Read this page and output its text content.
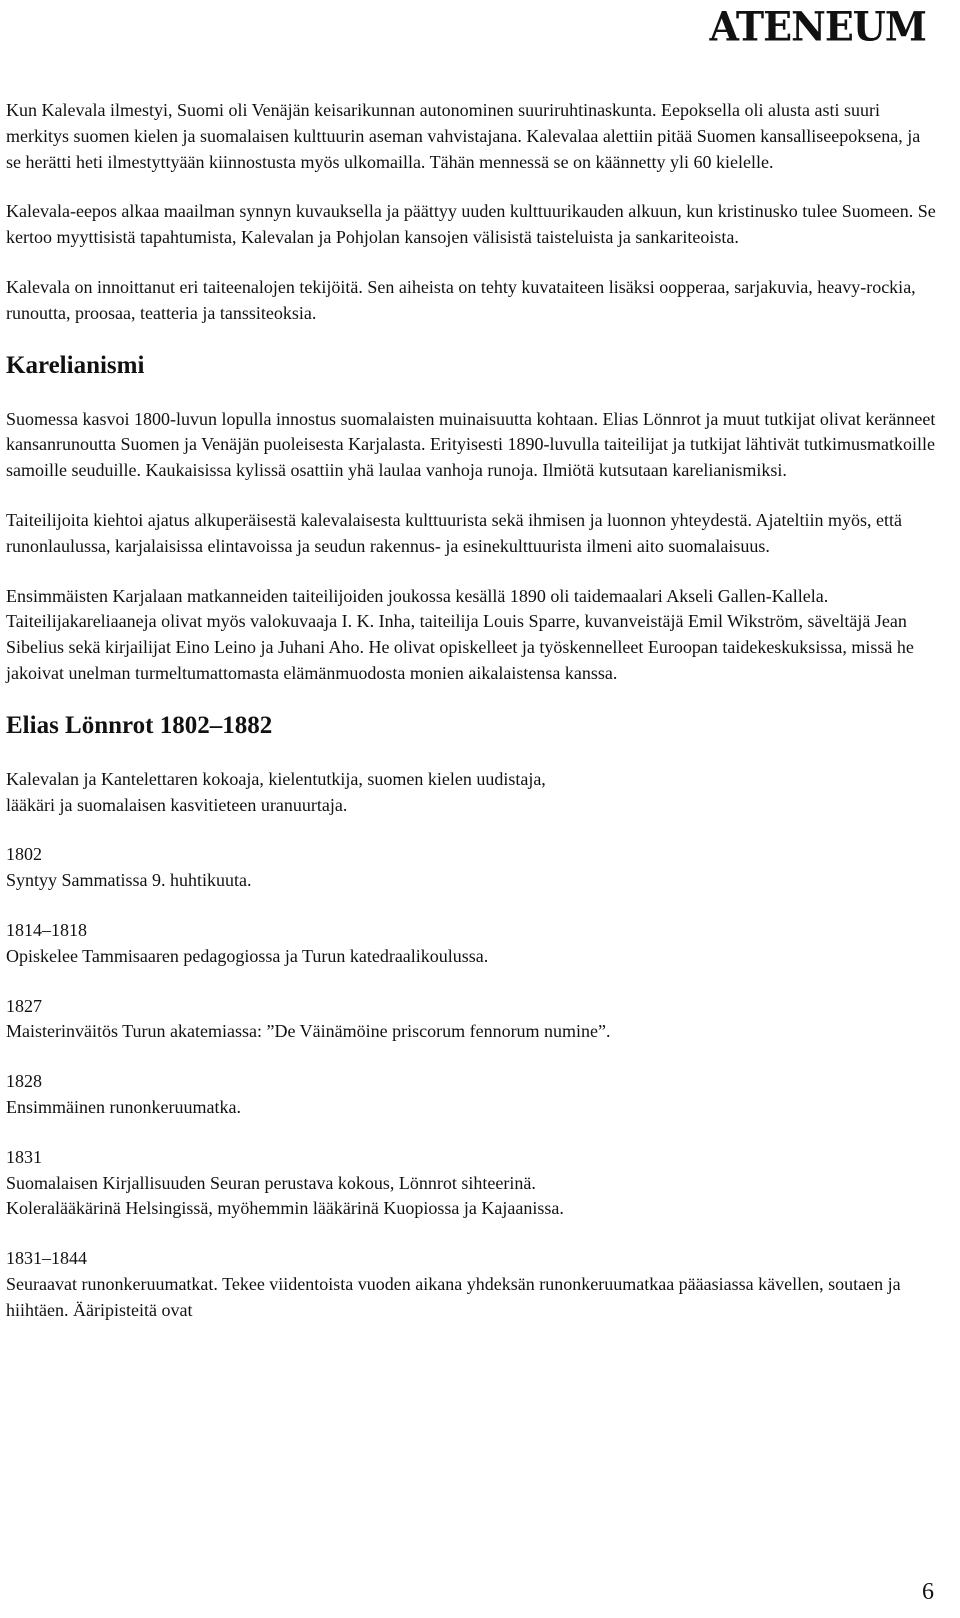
ATENEUM

Kun Kalevala ilmestyi, Suomi oli Venäjän keisarikunnan autonominen suuriruhtinaskunta. Eepoksella oli alusta asti suuri merkitys suomen kielen ja suomalaisen kulttuurin aseman vahvistajana. Kalevalaa alettiin pitää Suomen kansalliseepoksena, ja se herätti heti ilmestyttyään kiinnostusta myös ulkomailla. Tähän mennessä se on käännetty yli 60 kielelle.

Kalevala-eepos alkaa maailman synnyn kuvauksella ja päättyy uuden kulttuurikauden alkuun, kun kristinusko tulee Suomeen. Se kertoo myyttisistä tapahtumista, Kalevalan ja Pohjolan kansojen välisistä taisteluista ja sankariteoista.

Kalevala on innoittanut eri taiteenalojen tekijöitä. Sen aiheista on tehty kuvataiteen lisäksi oopperaa, sarjakuvia, heavy-rockia, runoutta, proosaa, teatteria ja tanssiteoksia.

Karelianismi

Suomessa kasvoi 1800-luvun lopulla innostus suomalaisten muinaisuutta kohtaan. Elias Lönnrot ja muut tutkijat olivat keränneet kansanrunoutta Suomen ja Venäjän puoleisesta Karjalasta. Erityisesti 1890-luvulla taiteilijat ja tutkijat lähtivät tutkimusmatkoille samoille seuduille. Kaukaisissa kylissä osattiin yhä laulaa vanhoja runoja. Ilmiötä kutsutaan karelianismiksi.

Taiteilijoita kiehtoi ajatus alkuperäisestä kalevalaisesta kulttuurista sekä ihmisen ja luonnon yhteydestä. Ajateltiin myös, että runonlaulussa, karjalaisissa elintavoissa ja seudun rakennus- ja esinekulttuurista ilmeni aito suomalaisuus.

Ensimmäisten Karjalaan matkanneiden taiteilijoiden joukossa kesällä 1890 oli taidemaalari Akseli Gallen-Kallela. Taiteilijakareliaaneja olivat myös valokuvaaja I. K. Inha, taiteilija Louis Sparre, kuvanveistäjä Emil Wikström, säveltäjä Jean Sibelius sekä kirjailijat Eino Leino ja Juhani Aho. He olivat opiskelleet ja työskennelleet Euroopan taidekeskuksissa, missä he jakoivat unelman turmeltumattomasta elämänmuodosta monien aikalaistensa kanssa.

Elias Lönnrot 1802–1882

Kalevalan ja Kantelettaren kokoaja, kielentutkija, suomen kielen uudistaja,
lääkäri ja suomalaisen kasvitieteen uranuurtaja.

1802
Syntyy Sammatissa 9. huhtikuuta.
1814–1818
Opiskelee Tammisaaren pedagogiossa ja Turun katedraalikoulussa.
1827
Maisterinväitös Turun akatemiassa: ”De Väinämöine priscorum fennorum numine”.
1828
Ensimmäinen runonkeruumatka.
1831
Suomalaisen Kirjallisuuden Seuran perustava kokous, Lönnrot sihteerinä.
Koleralääkärinä Helsingissä, myöhemmin lääkärinä Kuopiossa ja Kajaanissa.
1831–1844
Seuraavat runonkeruumatkat. Tekee viidentoista vuoden aikana yhdeksän runonkeruumatkaa pääasiassa kävellen, soutaen ja hiihtäen. Ääripisteitä ovat
6
